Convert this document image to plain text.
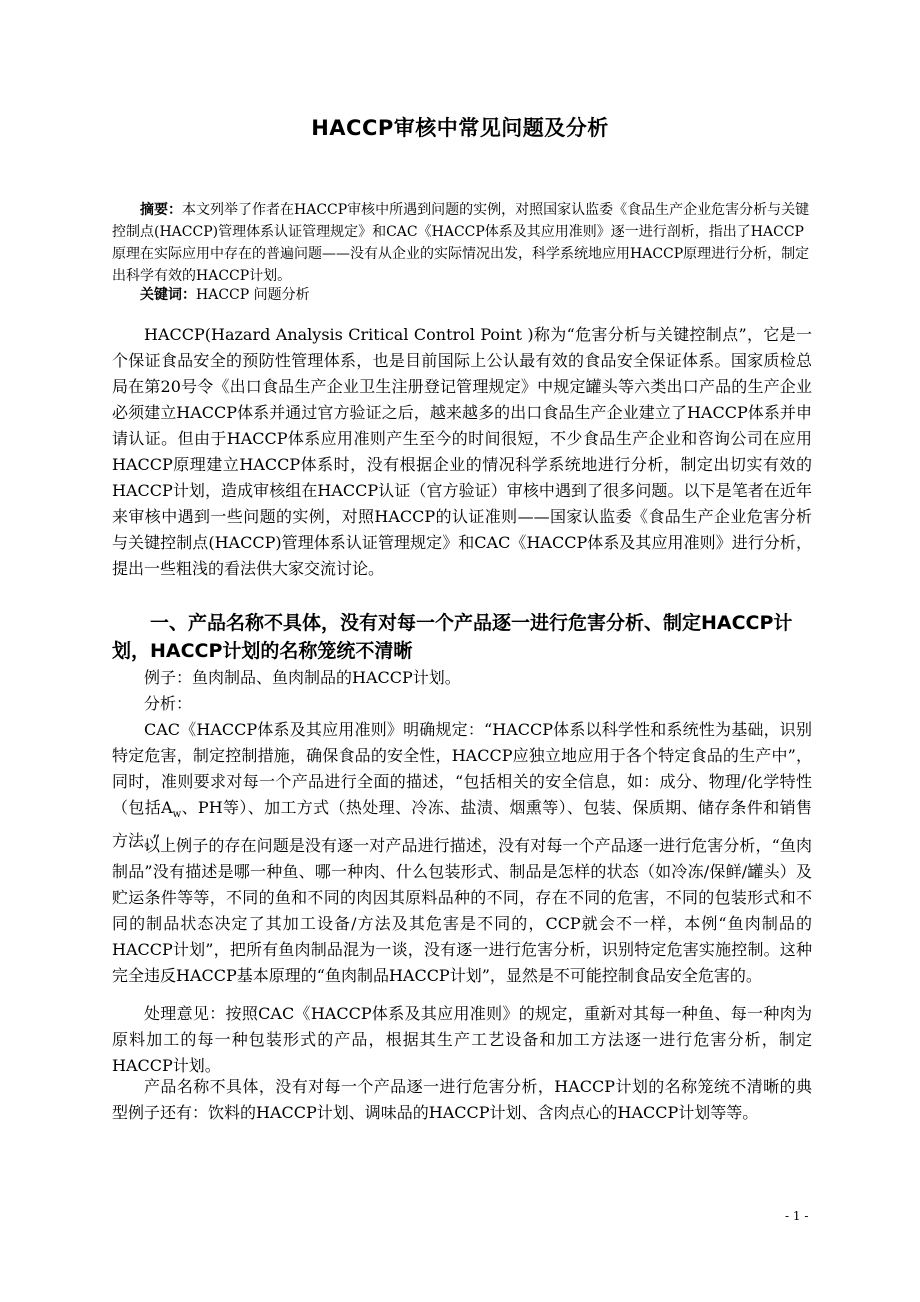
HACCP审核中常见问题及分析
摘要：本文列举了作者在HACCP审核中所遇到问题的实例，对照国家认监委《食品生产企业危害分析与关键控制点(HACCP)管理体系认证管理规定》和CAC《HACCP体系及其应用准则》逐一进行剖析，指出了HACCP原理在实际应用中存在的普遍问题——没有从企业的实际情况出发，科学系统地应用HACCP原理进行分析，制定出科学有效的HACCP计划。
关键词：HACCP 问题分析

HACCP(Hazard Analysis Critical Control Point )称为“危害分析与关键控制点”，它是一个保证食品安全的预防性管理体系，也是目前国际上公认最有效的食品安全保证体系。国家质检总局在第20号令《出口食品生产企业卫生注册登记管理规定》中规定罐头等六类出口产品的生产企业必须建立HACCP体系并通过官方验证之后，越来越多的出口食品生产企业建立了HACCP体系并申请认证。但由于HACCP体系应用准则产生至今的时间很短，不少食品生产企业和咨询公司在应用HACCP原理建立HACCP体系时，没有根据企业的情况科学系统地进行分析，制定出切实有效的HACCP计划，造成审核组在HACCP认证（官方验证）审核中遇到了很多问题。以下是笔者在近年来审核中遇到一些问题的实例，对照HACCP的认证准则——国家认监委《食品生产企业危害分析与关键控制点(HACCP)管理体系认证管理规定》和CAC《HACCP体系及其应用准则》进行分析，提出一些粗浅的看法供大家交流讨论。

一、产品名称不具体，没有对每一个产品逐一进行危害分析、制定HACCP计划，HACCP计划的名称笼统不清晰

例子：鱼肉制品、鱼肉制品的HACCP计划。

分析：

CAC《HACCP体系及其应用准则》明确规定：“HACCP体系以科学性和系统性为基础，识别特定危害，制定控制措施，确保食品的安全性，HACCP应独立地应用于各个特定食品的生产中”，同时，准则要求对每一个产品进行全面的描述，“包括相关的安全信息，如：成分、物理/化学特性（包括$A_w$、PH等）、加工方式（热处理、冷冻、盐渍、烟熏等）、包装、保质期、储存条件和销售方法。”

以上例子的存在问题是没有逐一对产品进行描述，没有对每一个产品逐一进行危害分析，“鱼肉制品”没有描述是哪一种鱼、哪一种肉、什么包装形式、制品是怎样的状态（如冷冻/保鲜/罐头）及贮运条件等等，不同的鱼和不同的肉因其原料品种的不同，存在不同的危害，不同的包装形式和不同的制品状态决定了其加工设备/方法及其危害是不同的，CCP就会不一样，本例“鱼肉制品的HACCP计划”，把所有鱼肉制品混为一谈，没有逐一进行危害分析，识别特定危害实施控制。这种完全违反HACCP基本原理的“鱼肉制品HACCP计划”，显然是不可能控制食品安全危害的。

处理意见：按照CAC《HACCP体系及其应用准则》的规定，重新对其每一种鱼、每一种肉为原料加工的每一种包装形式的产品，根据其生产工艺设备和加工方法逐一进行危害分析，制定HACCP计划。

产品名称不具体，没有对每一个产品逐一进行危害分析，HACCP计划的名称笼统不清晰的典型例子还有：饮料的HACCP计划、调味品的HACCP计划、含肉点心的HACCP计划等等。

- 1 -
